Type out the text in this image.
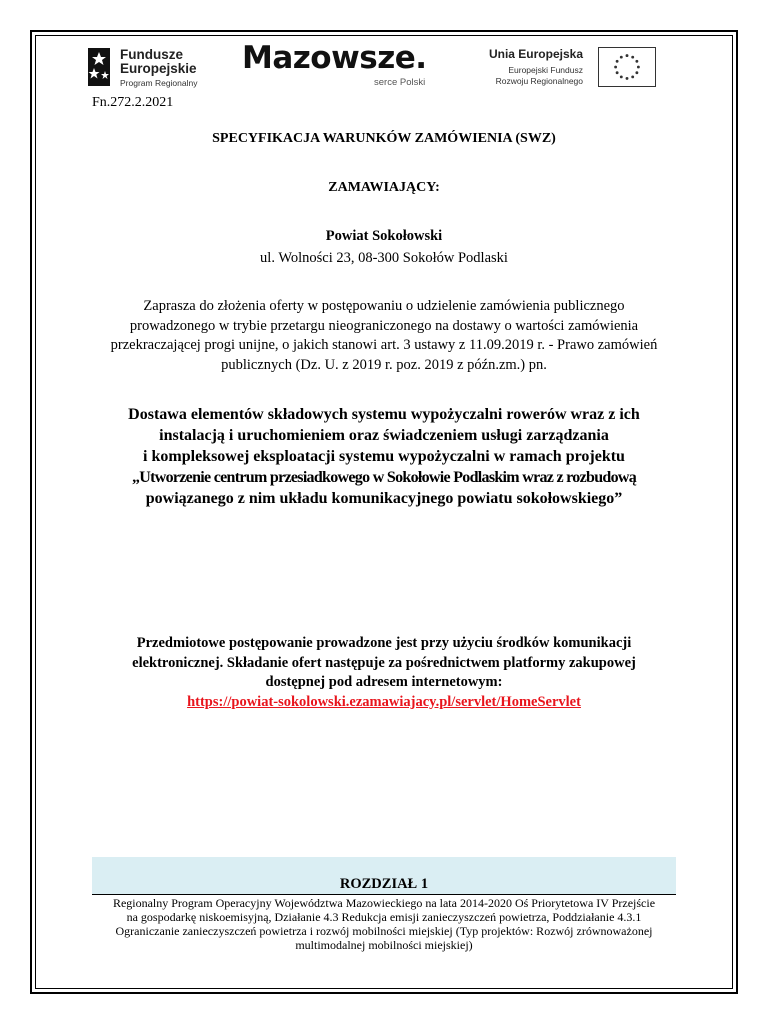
Fundusze
Europejskie
Program Regionalny
Mazowsze.
serce Polski
Unia Europejska
Europejski Fundusz
Rozwoju Regionalnego
Fn.272.2.2021
SPECYFIKACJA WARUNKÓW ZAMÓWIENIA (SWZ)
ZAMAWIAJĄCY:
Powiat Sokołowski
ul. Wolności 23, 08-300 Sokołów Podlaski
Zaprasza do złożenia oferty w postępowaniu o udzielenie zamówienia publicznego
prowadzonego w trybie przetargu nieograniczonego na dostawy o wartości zamówienia
przekraczającej progi unijne, o jakich stanowi art. 3 ustawy z 11.09.2019 r. - Prawo zamówień
publicznych (Dz. U. z 2019 r. poz. 2019 z późn.zm.) pn.
Dostawa elementów składowych systemu wypożyczalni rowerów wraz z ich
instalacją i uruchomieniem oraz świadczeniem usługi zarządzania
i kompleksowej eksploatacji systemu wypożyczalni w ramach projektu
„Utworzenie centrum przesiadkowego w Sokołowie Podlaskim wraz z rozbudową
powiązanego z nim układu komunikacyjnego powiatu sokołowskiego”
Przedmiotowe postępowanie prowadzone jest przy użyciu środków komunikacji
elektronicznej. Składanie ofert następuje za pośrednictwem platformy zakupowej
dostępnej pod adresem internetowym:
https://powiat-sokolowski.ezamawiajacy.pl/servlet/HomeServlet
ROZDZIAŁ 1
Regionalny Program Operacyjny Województwa Mazowieckiego na lata 2014-2020 Oś Priorytetowa IV Przejście
na gospodarkę niskoemisyjną, Działanie 4.3 Redukcja emisji zanieczyszczeń powietrza, Poddziałanie 4.3.1
Ograniczanie zanieczyszczeń powietrza i rozwój mobilności miejskiej (Typ projektów: Rozwój zrównoważonej
multimodalnej mobilności miejskiej)
